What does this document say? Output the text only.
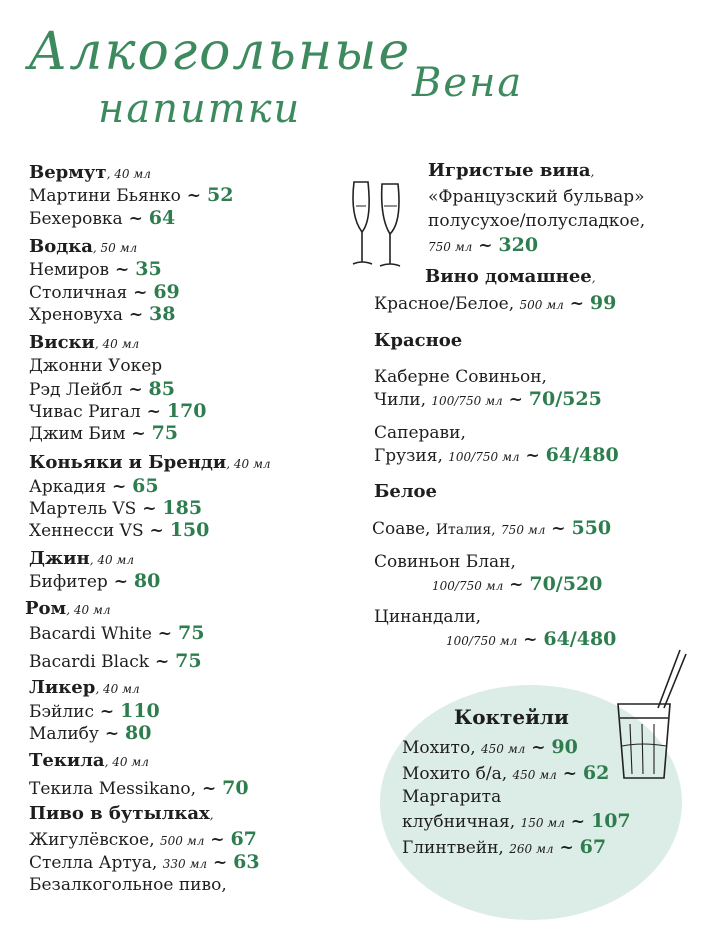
Алкогольные
напитки
Вена
Вермут, 40 мл
Мартини Бьянко ~ 52
Бехеровка ~ 64
Водка, 50 мл
Немиров ~ 35
Столичная ~ 69
Хреновуха ~ 38
Виски, 40 мл
Джонни Уокер
Рэд Лейбл ~ 85
Чивас Ригал ~ 170
Джим Бим ~ 75
Коньяки и Бренди, 40 мл
Аркадия ~ 65
Мартель VS ~ 185
Хеннесси VS ~ 150
Джин, 40 мл
Бифитер ~ 80
Ром, 40 мл
Bacardi White ~ 75
Bacardi Black ~ 75
Ликер, 40 мл
Бэйлис ~ 110
Малибу ~ 80
Текила, 40 мл
Текила Messikano, ~ 70
Пиво в бутылках,
Жигулёвское, 500 мл ~ 67
Стелла Артуа, 330 мл ~ 63
Безалкогольное пиво,
Игристые вина,
«Французский бульвар»
полусухое/полусладкое,
750 мл ~ 320
Вино домашнее,
Красное/Белое, 500 мл ~ 99
Красное
Каберне Совиньон,
Чили, 100/750 мл ~ 70/525
Саперави,
Грузия, 100/750 мл ~ 64/480
Белое
Соаве, Италия, 750 мл ~ 550
Совиньон Блан,
100/750 мл ~ 70/520
Цинандали,
100/750 мл ~ 64/480
Коктейли
Мохито, 450 мл ~ 90
Мохито б/а, 450 мл ~ 62
Маргарита
клубничная, 150 мл ~ 107
Глинтвейн, 260 мл ~ 67
